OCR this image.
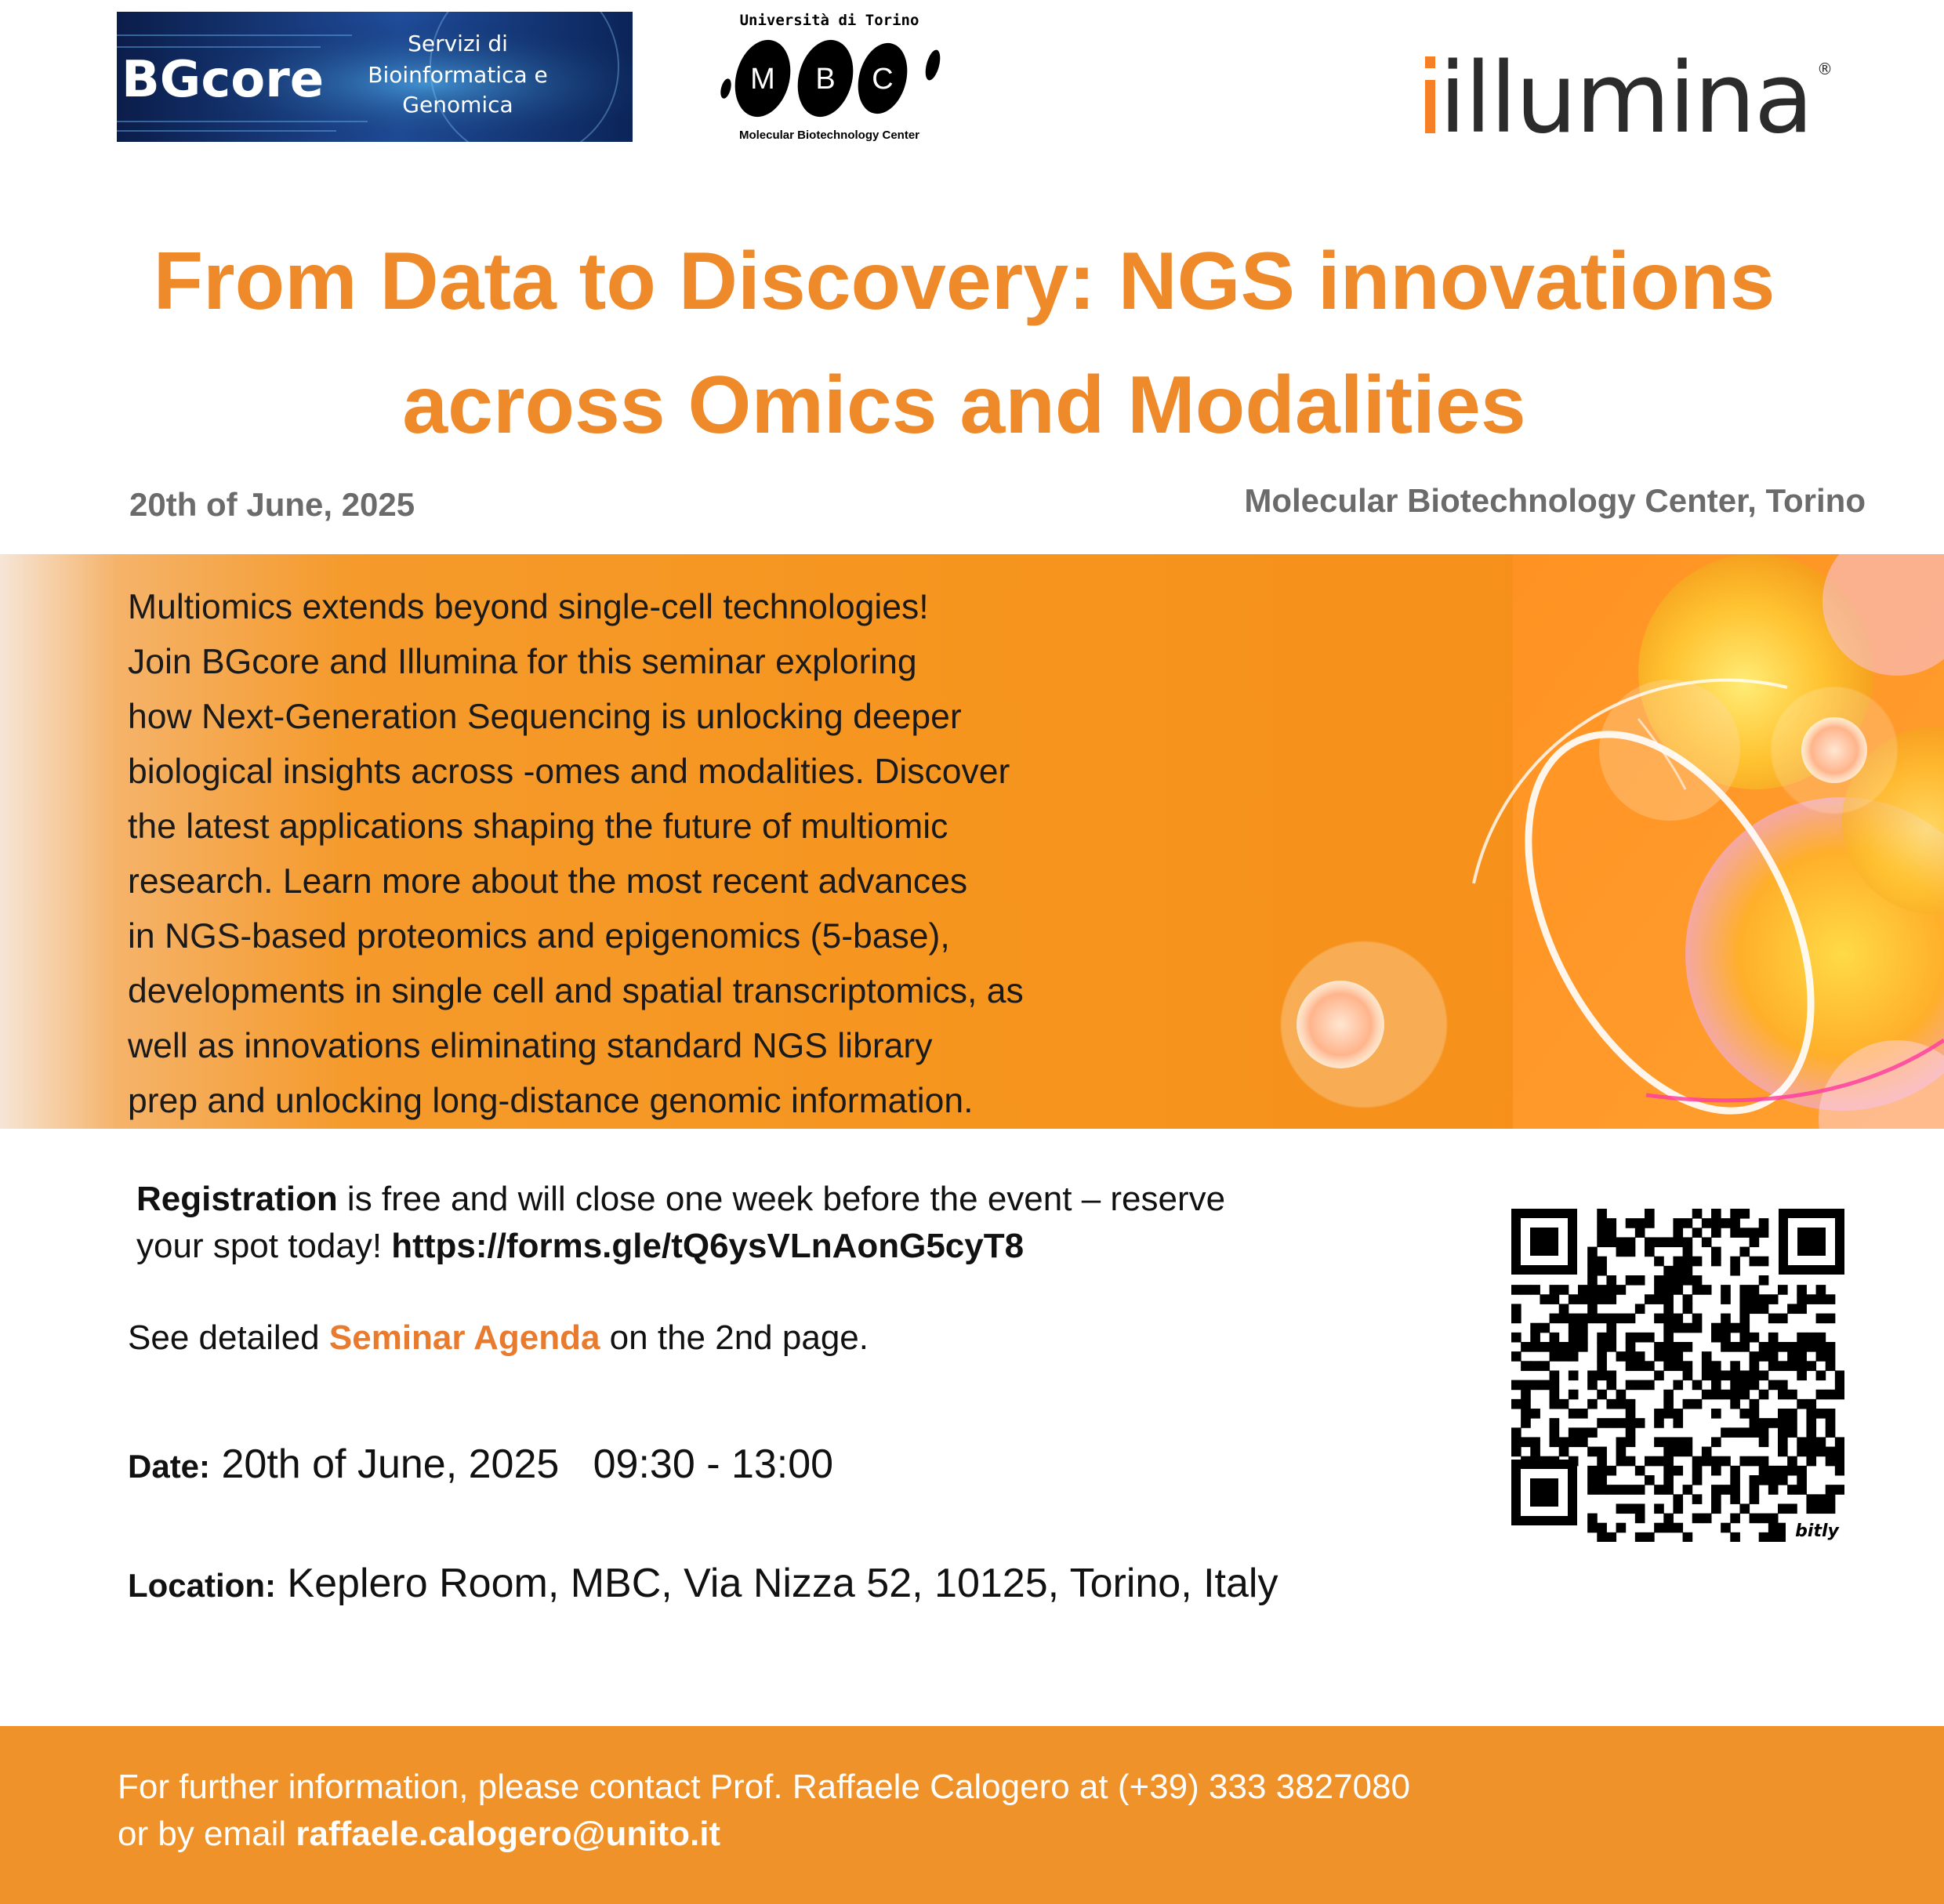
BGcore
Servizi di
Bioinformatica e
Genomica
Università di Torino
M B C
Molecular Biotechnology Center	illumina ®
From Data to Discovery: NGS innovations
across Omics and Modalities
20th of June, 2025	Molecular Biotechnology Center, Torino
Multiomics extends beyond single-cell technologies!
Join BGcore and Illumina for this seminar exploring
how Next-Generation Sequencing is unlocking deeper
biological insights across -omes and modalities. Discover
the latest applications shaping the future of multiomic
research. Learn more about the most recent advances
in NGS-based proteomics and epigenomics (5-base),
developments in single cell and spatial transcriptomics, as
well as innovations eliminating standard NGS library
prep and unlocking long-distance genomic information.
Registration is free and will close one week before the event – reserve
your spot today! https://forms.gle/tQ6ysVLnAonG5cyT8
See detailed Seminar Agenda on the 2nd page.
Date: 20th of June, 2025   09:30 - 13:00
Location: Keplero Room, MBC, Via Nizza 52, 10125, Torino, Italy
bitly
For further information, please contact Prof. Raffaele Calogero at (+39) 333 3827080
or by email raffaele.calogero@unito.it
